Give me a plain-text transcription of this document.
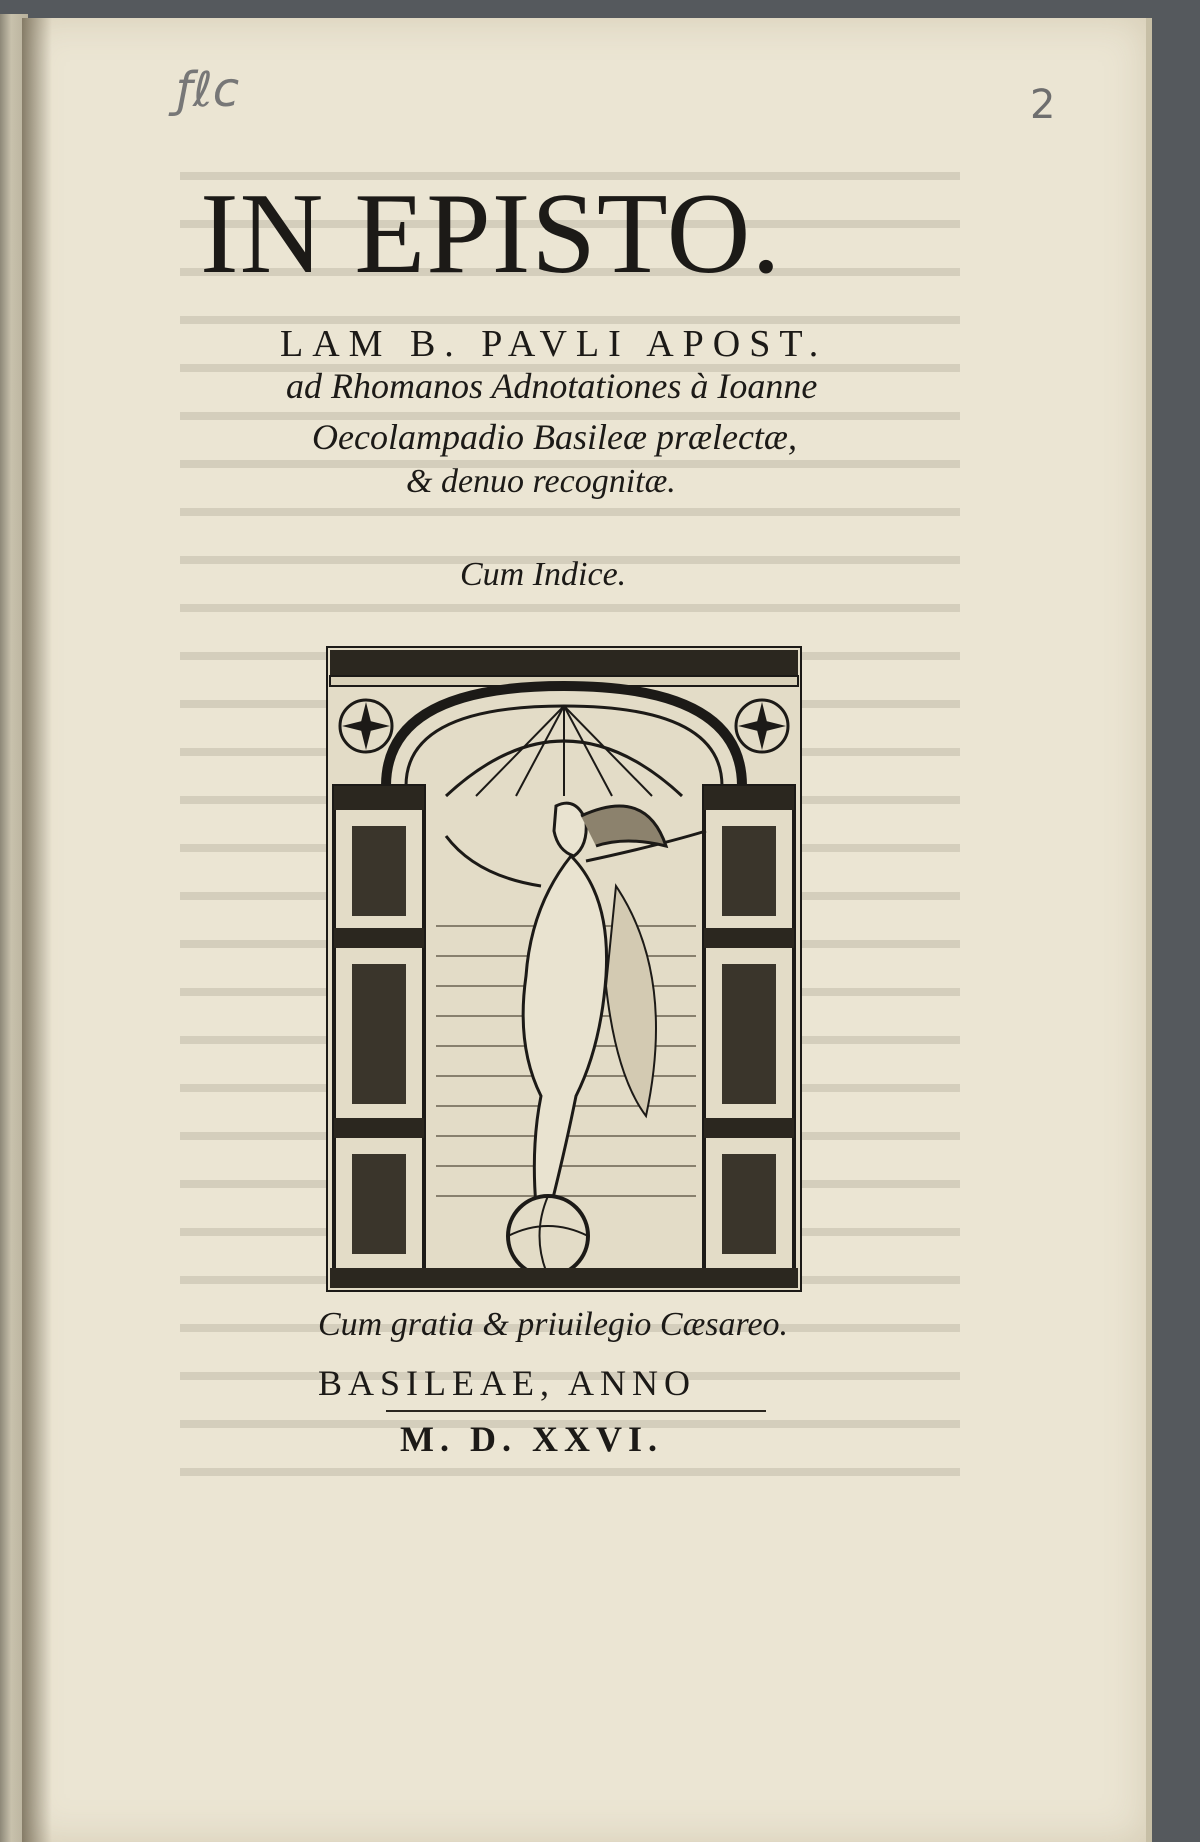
ƒℓc	2
IN EPISTO.
LAM B. PAVLI APOST.
ad Rhomanos Adnotationes à Ioanne
Oecolampadio Basileæ prælectæ,
& denuo recognitæ.
Cum Indice.
Cum gratia & priuilegio Cæsareo.
BASILEAE, ANNO
M. D. XXVI.
